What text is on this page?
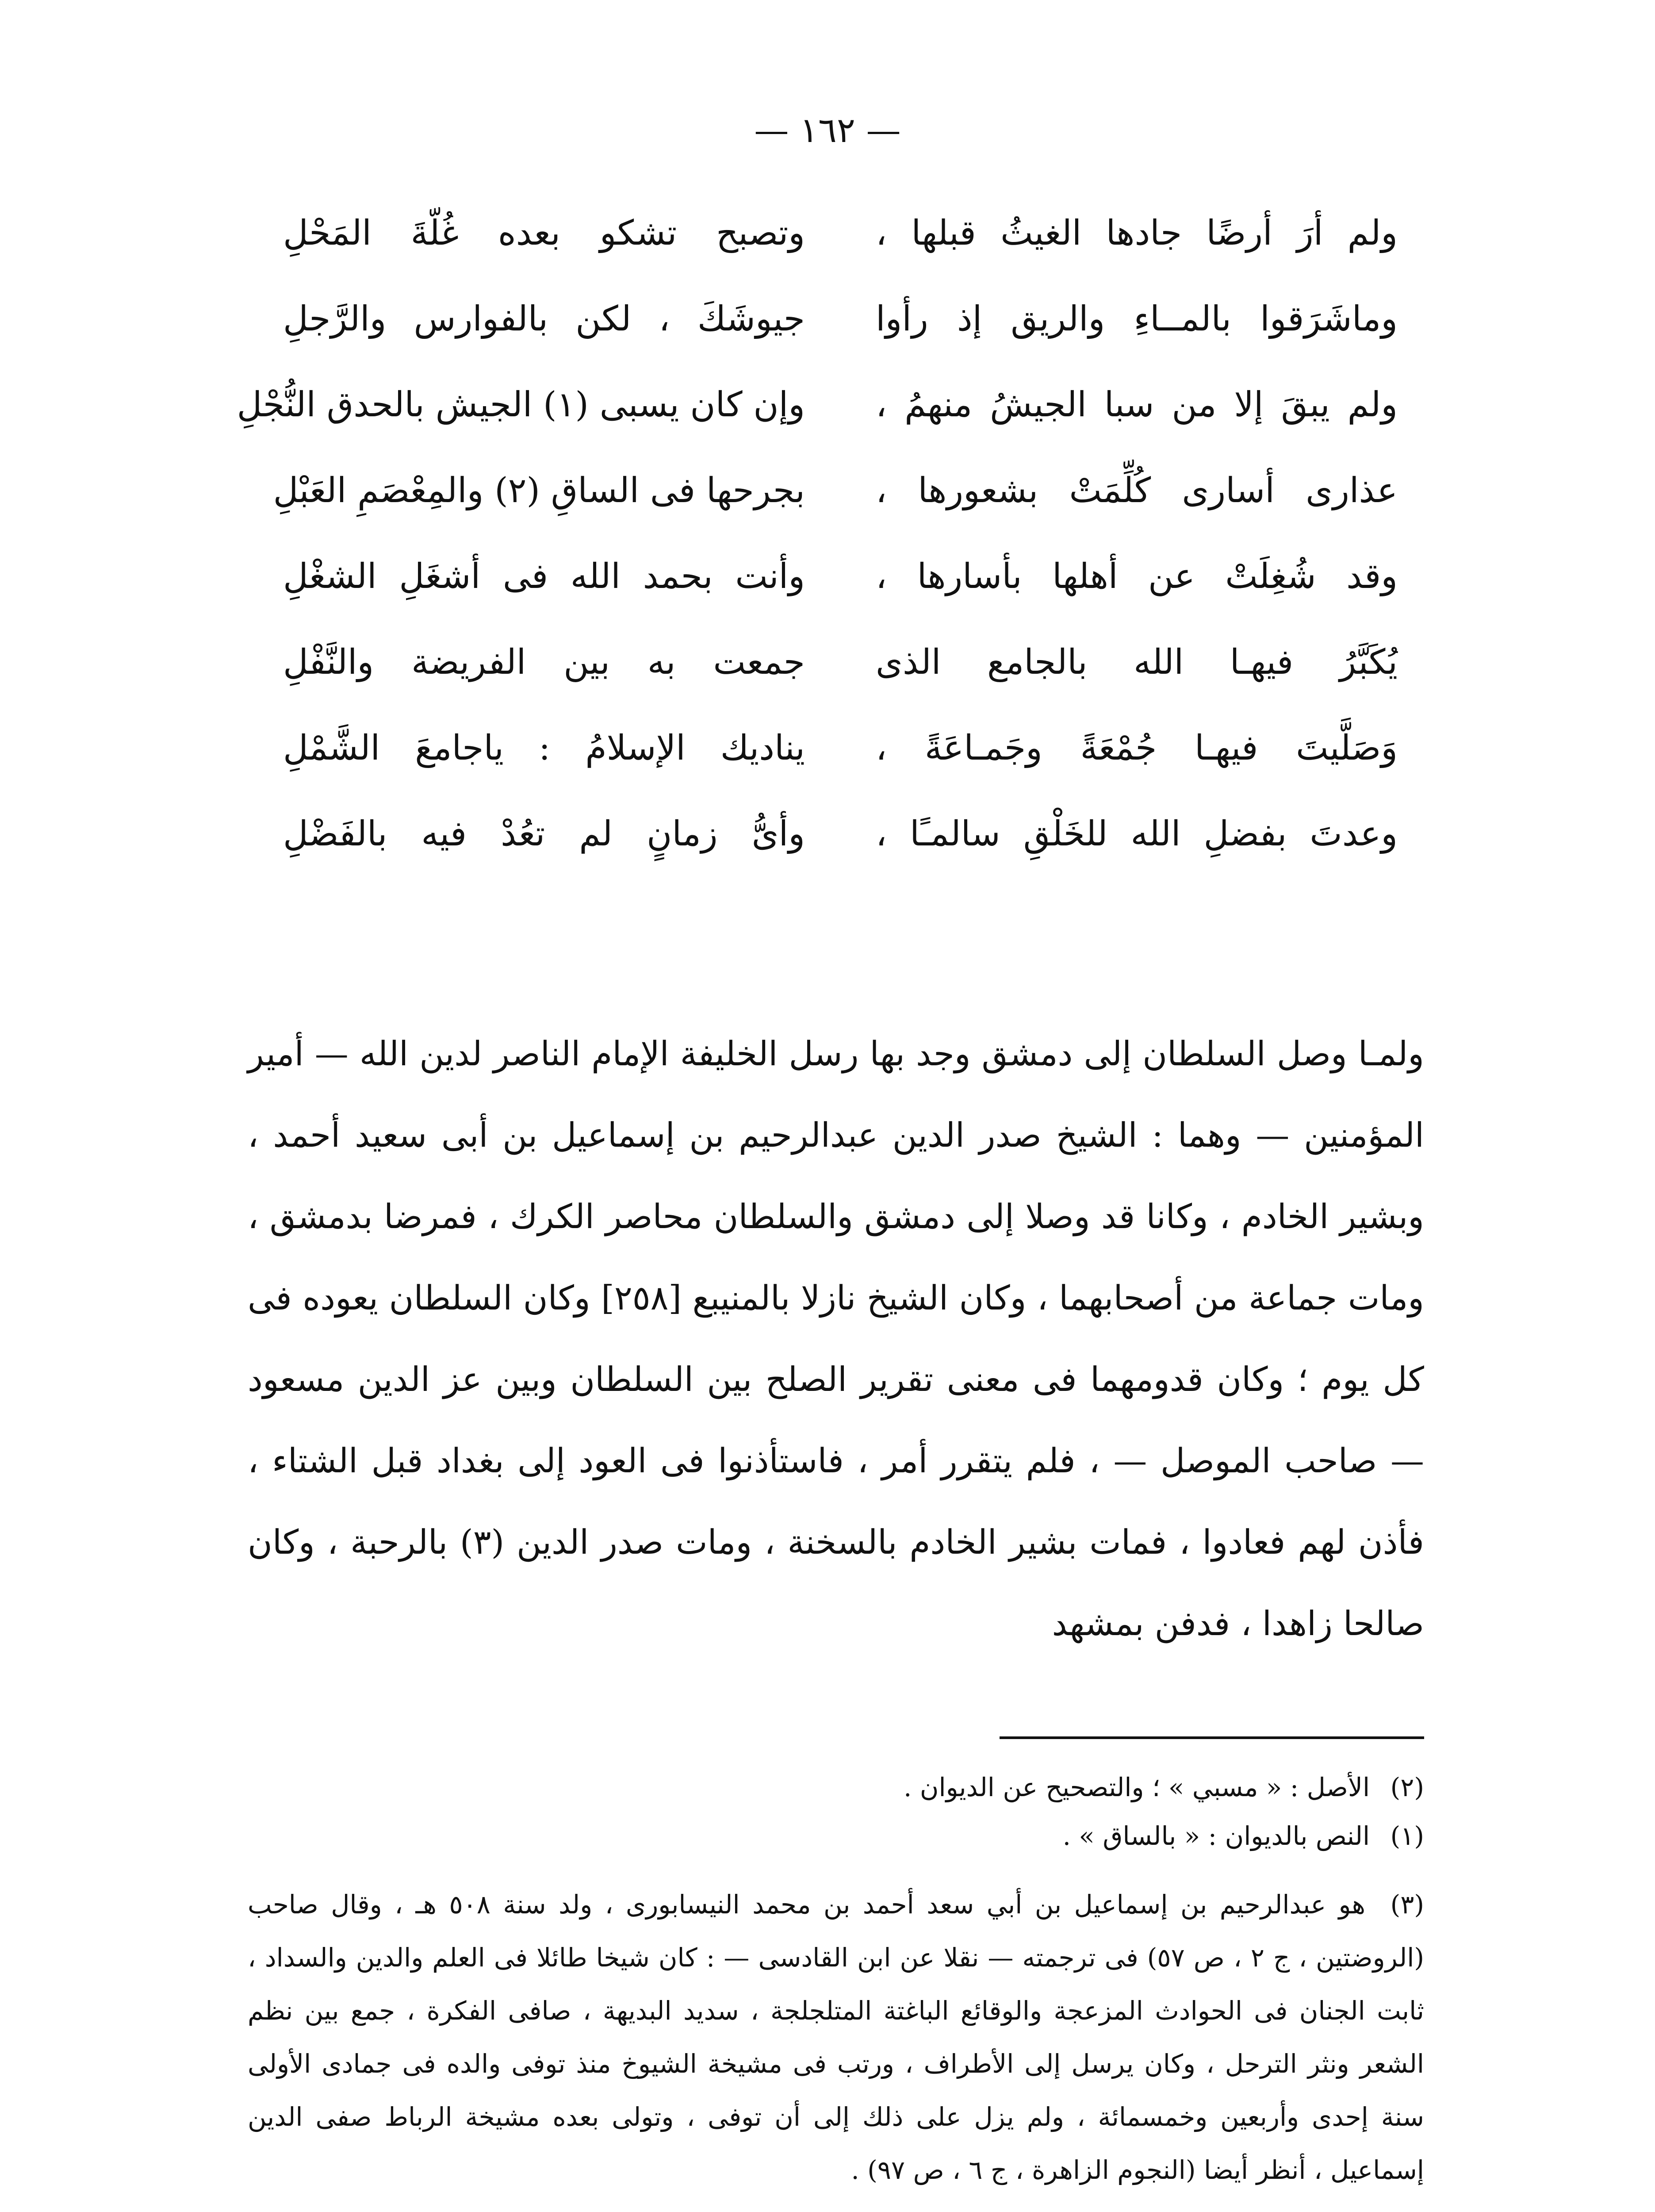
— ١٦٢ —
ولم أرَ أرضًا جادها الغيثُ قبلها ،
وتصبح تشكو بعده غُلّةَ المَحْلِ
وماشَرَقوا بالمــاءِ والريق إذ رأوا
جيوشَكَ ، لكن بالفوارس والرَّجلِ
ولم يبقَ إلا من سبا الجيشُ منهمُ ،
وإن كان يسبى (١) الجيش بالحدق النُّجْلِ
عذارى أسارى كُلِّمَتْ بشعورها ،
بجرحها فى الساقِ (٢) والمِعْصَمِ العَبْلِ
وقد شُغِلَتْ عن أهلها بأسارها ،
وأنت بحمد الله فى أشغَلِ الشغْلِ
يُكَبَّرُ فيهـا الله بالجامع الذى
جمعت به بين الفريضة والنَّفْلِ
وَصَلَّيتَ فيهـا جُمْعَةً وجَمـاعَةً ،
يناديك الإسلامُ : ياجامعَ الشَّمْلِ
وعدتَ بفضلِ الله للخَلْقِ سالمـًا ،
وأىُّ زمانٍ لم تعُدْ فيه بالفَضْلِ

ولمـا وصل السلطان إلى دمشق وجد بها رسل الخليفة الإمام الناصر لدين الله — أمير المؤمنين — وهما : الشيخ صدر الدين عبدالرحيم بن إسماعيل بن أبى سعيد أحمد ، وبشير الخادم ، وكانا قد وصلا إلى دمشق والسلطان محاصر الكرك ، فمرضا بدمشق ، ومات جماعة من أصحابهما ، وكان الشيخ نازلا بالمنيبع [٢٥٨] وكان السلطان يعوده فى كل يوم ؛ وكان قدومهما فى معنى تقرير الصلح بين السلطان وبين عز الدين مسعود — صاحب الموصل — ، فلم يتقرر أمر ، فاستأذنوا فى العود إلى بغداد قبل الشتاء ، فأذن لهم فعادوا ، فمات بشير الخادم بالسخنة ، ومات صدر الدين (٣) بالرحبة ، وكان صالحا زاهدا ، فدفن بمشهد

(٢) الأصل : « مسبي » ؛ والتصحيح عن الديوان .
(١) النص بالديوان : « بالساق » .
(٣) هو عبدالرحيم بن إسماعيل بن أبي سعد أحمد بن محمد النيسابورى ، ولد سنة ٥٠٨ هـ ، وقال صاحب (الروضتين ، ج ٢ ، ص ٥٧) فى ترجمته — نقلا عن ابن القادسى — : كان شيخا طائلا فى العلم والدين والسداد ، ثابت الجنان فى الحوادث المزعجة والوقائع الباغتة المتلجلجة ، سديد البديهة ، صافى الفكرة ، جمع بين نظم الشعر ونثر الترحل ، وكان يرسل إلى الأطراف ، ورتب فى مشيخة الشيوخ منذ توفى والده فى جمادى الأولى سنة إحدى وأربعين وخمسمائة ، ولم يزل على ذلك إلى أن توفى ، وتولى بعده مشيخة الرباط صفى الدين إسماعيل ، أنظر أيضا (النجوم الزاهرة ، ج ٦ ، ص ٩٧) .
